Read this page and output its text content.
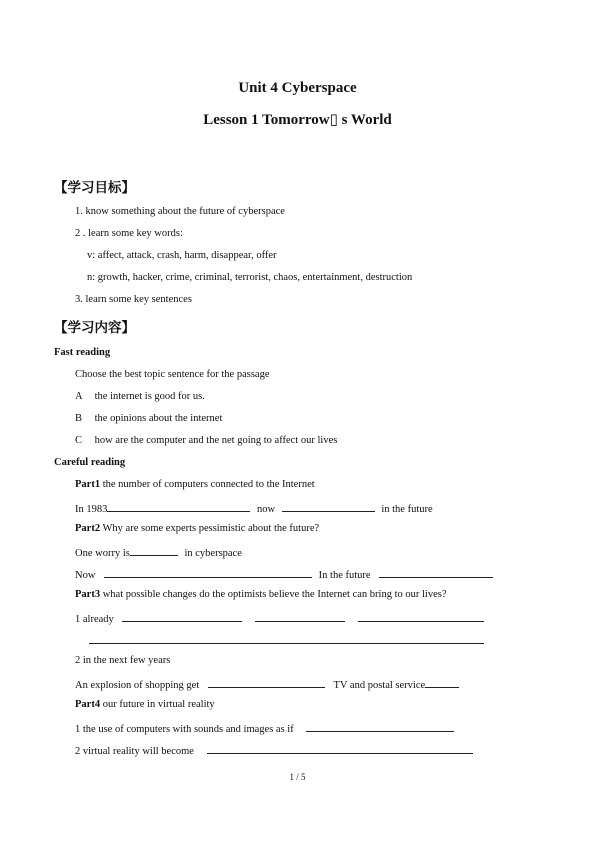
Unit 4 Cyberspace
Lesson 1 Tomorrow▯ s World
【学习目标】
1. know something about the future of cyberspace
2 . learn some key words:
v: affect, attack, crash, harm, disappear, offer
n: growth, hacker, crime, criminal, terrorist, chaos, entertainment, destruction
3. learn some key sentences
【学习内容】
Fast reading
Choose the best topic sentence for the passage
A the internet is good for us.
B the opinions about the internet
C how are the computer and the net going to affect our lives
Careful reading
Part1 the number of computers connected to the Internet
In 1983	now	in the future
Part2 Why are some experts pessimistic about the future?
One worry is	in cyberspace
Now	In the future
Part3 what possible changes do the optimists believe the Internet can bring to our lives?
1 already
2 in the next few years
An explosion of shopping get	TV and postal service
Part4 our future in virtual reality
1 the use of computers with sounds and images as if
2 virtual reality will become
1 / 5
